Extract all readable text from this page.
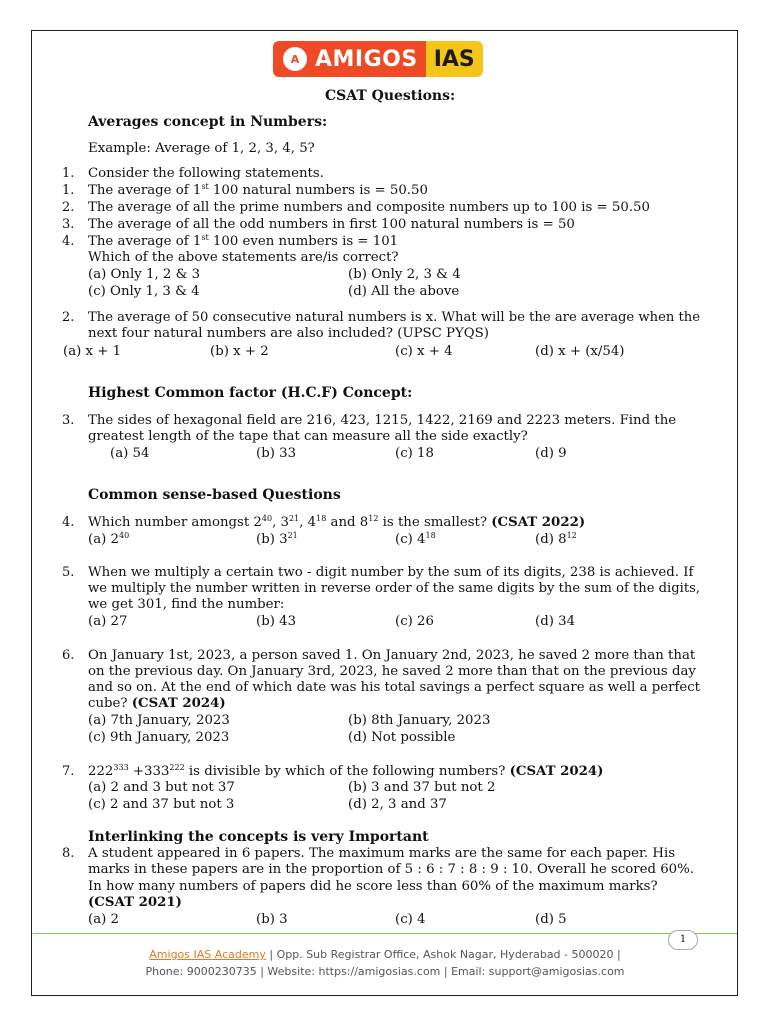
A AMIGOS IAS
CSAT Questions:
Averages concept in Numbers:
Example: Average of 1, 2, 3, 4, 5?
1. Consider the following statements.
1. The average of 1st 100 natural numbers is = 50.50
2. The average of all the prime numbers and composite numbers up to 100 is = 50.50
3. The average of all the odd numbers in first 100 natural numbers is = 50
4. The average of 1st 100 even numbers is = 101
Which of the above statements are/is correct?
(a) Only 1, 2 & 3	(b) Only 2, 3 & 4
(c) Only 1, 3 & 4	(d) All the above
2. The average of 50 consecutive natural numbers is x. What will be the are average when the
next four natural numbers are also included? (UPSC PYQS)
(a) x + 1	(b) x + 2	(c) x + 4	(d) x + (x/54)
Highest Common factor (H.C.F) Concept:
3. The sides of hexagonal field are 216, 423, 1215, 1422, 2169 and 2223 meters. Find the
greatest length of the tape that can measure all the side exactly?
(a) 54	(b) 33	(c) 18	(d) 9
Common sense-based Questions
4. Which number amongst $2^{40}$, $3^{21}$, $4^{18}$ and $8^{12}$ is the smallest? (CSAT 2022)
(a) $2^{40}$	(b) $3^{21}$	(c) $4^{18}$	(d) $8^{12}$
5. When we multiply a certain two - digit number by the sum of its digits, 238 is achieved. If
we multiply the number written in reverse order of the same digits by the sum of the digits,
we get 301, find the number:
(a) 27	(b) 43	(c) 26	(d) 34
6. On January 1st, 2023, a person saved 1. On January 2nd, 2023, he saved 2 more than that
on the previous day. On January 3rd, 2023, he saved 2 more than that on the previous day
and so on. At the end of which date was his total savings a perfect square as well a perfect
cube? (CSAT 2024)
(a) 7th January, 2023	(b) 8th January, 2023
(c) 9th January, 2023	(d) Not possible
7. $222^{333} +333^{222}$ is divisible by which of the following numbers? (CSAT 2024)
(a) 2 and 3 but not 37	(b) 3 and 37 but not 2
(c) 2 and 37 but not 3	(d) 2, 3 and 37
Interlinking the concepts is very Important
8. A student appeared in 6 papers. The maximum marks are the same for each paper. His
marks in these papers are in the proportion of 5 : 6 : 7 : 8 : 9 : 10. Overall he scored 60%.
In how many numbers of papers did he score less than 60% of the maximum marks?
(CSAT 2021)
(a) 2	(b) 3	(c) 4	(d) 5
1
Amigos IAS Academy | Opp. Sub Registrar Office, Ashok Nagar, Hyderabad - 500020 |
Phone: 9000230735 | Website: https://amigosias.com | Email: support@amigosias.com
